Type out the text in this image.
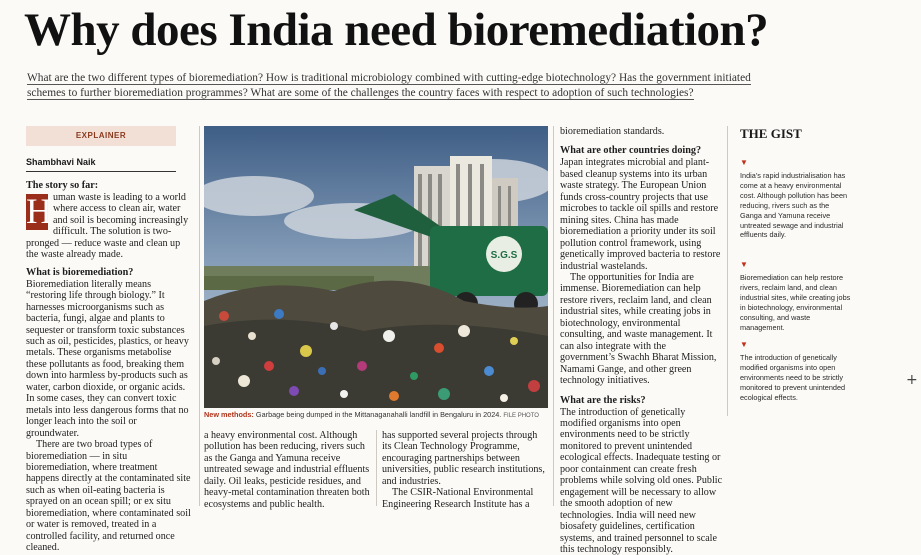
Why does India need bioremediation?
What are the two different types of bioremediation? How is traditional microbiology combined with cutting-edge biotechnology? Has the government initiated schemes to further bioremediation programmes? What are some of the challenges the country faces with respect to adoption of such technologies?
EXPLAINER
Shambhavi Naik
The story so far:

H uman waste is leading to a world where access to clean air, water and soil is becoming increasingly difficult. The solution is two-pronged — reduce waste and clean up the waste already made.

What is bioremediation?

Bioremediation literally means “restoring life through biology.” It harnesses microorganisms such as bacteria, fungi, algae and plants to sequester or transform toxic substances such as oil, pesticides, plastics, or heavy metals. These organisms metabolise these pollutants as food, breaking them down into harmless by-products such as water, carbon dioxide, or organic acids. In some cases, they can convert toxic metals into less dangerous forms that no longer leach into the soil or groundwater.

There are two broad types of bioremediation — in situ bioremediation, where treatment happens directly at the contaminated site such as when oil-eating bacteria is sprayed on an ocean spill; or ex situ bioremediation, where contaminated soil or water is removed, treated in a controlled facility, and returned once cleaned.

S.G.S
New methods: Garbage being dumped in the Mittanaganahalli landfill in Bengaluru in 2024. FILE PHOTO

a heavy environmental cost. Although pollution has been reducing, rivers such as the Ganga and Yamuna receive untreated sewage and industrial effluents daily. Oil leaks, pesticide residues, and heavy-metal contamination threaten both ecosystems and public health.

has supported several projects through its Clean Technology Programme, encouraging partnerships between universities, public research institutions, and industries.

The CSIR-National Environmental Engineering Research Institute has a

bioremediation standards.

What are other countries doing?

Japan integrates microbial and plant-based cleanup systems into its urban waste strategy. The European Union funds cross-country projects that use microbes to tackle oil spills and restore mining sites. China has made bioremediation a priority under its soil pollution control framework, using genetically improved bacteria to restore industrial wastelands.

The opportunities for India are immense. Bioremediation can help restore rivers, reclaim land, and clean industrial sites, while creating jobs in biotechnology, environmental consulting, and waste management. It can also integrate with the government’s Swachh Bharat Mission, Namami Gange, and other green technology initiatives.

What are the risks?

The introduction of genetically modified organisms into open environments need to be strictly monitored to prevent unintended ecological effects. Inadequate testing or poor containment can create fresh problems while solving old ones. Public engagement will be necessary to allow the smooth adoption of new technologies. India will need new biosafety guidelines, certification systems, and trained personnel to scale this technology responsibly.

THE GIST
▼
India’s rapid industrialisation has come at a heavy environmental cost. Although pollution has been reducing, rivers such as the Ganga and Yamuna receive untreated sewage and industrial effluents daily.
▼
Bioremediation can help restore rivers, reclaim land, and clean industrial sites, while creating jobs in biotechnology, environmental consulting, and waste management.
▼
The introduction of genetically modified organisms into open environments need to be strictly monitored to prevent unintended ecological effects.
+
